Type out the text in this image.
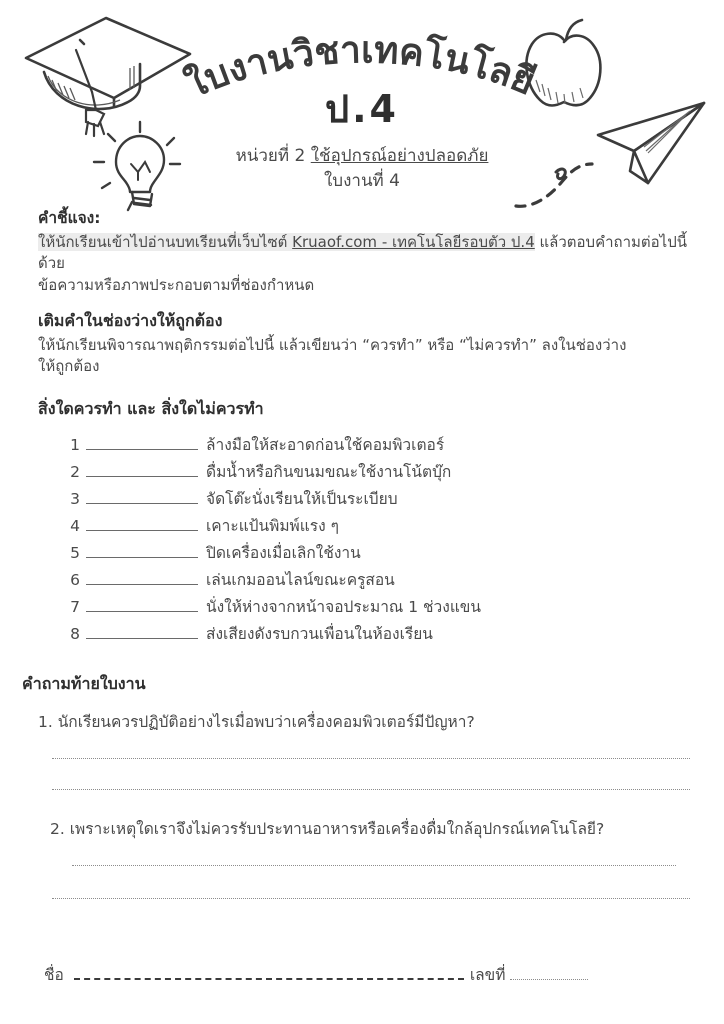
ใบงานวิชาเทคโนโลยี
ป.4
หน่วยที่ 2 ใช้อุปกรณ์อย่างปลอดภัย
ใบงานที่ 4

คำชี้แจง:

ให้นักเรียนเข้าไปอ่านบทเรียนที่เว็บไซต์ Kruaof.com - เทคโนโลยีรอบตัว ป.4 แล้วตอบคำถามต่อไปนี้ ด้วย
ข้อความหรือภาพประกอบตามที่ช่องกำหนด

เติมคำในช่องว่างให้ถูกต้อง

ให้นักเรียนพิจารณาพฤติกรรมต่อไปนี้ แล้วเขียนว่า “ควรทำ” หรือ “ไม่ควรทำ” ลงในช่องว่าง
ให้ถูกต้อง

สิ่งใดควรทำ และ สิ่งใดไม่ควรทำ

1	ล้างมือให้สะอาดก่อนใช้คอมพิวเตอร์
2	ดื่มน้ำหรือกินขนมขณะใช้งานโน้ตบุ๊ก
3	จัดโต๊ะนั่งเรียนให้เป็นระเบียบ
4	เคาะแป้นพิมพ์แรง ๆ
5	ปิดเครื่องเมื่อเลิกใช้งาน
6	เล่นเกมออนไลน์ขณะครูสอน
7	นั่งให้ห่างจากหน้าจอประมาณ 1 ช่วงแขน
8	ส่งเสียงดังรบกวนเพื่อนในห้องเรียน

คำถามท้ายใบงาน

1. นักเรียนควรปฏิบัติอย่างไรเมื่อพบว่าเครื่องคอมพิวเตอร์มีปัญหา?

2. เพราะเหตุใดเราจึงไม่ควรรับประทานอาหารหรือเครื่องดื่มใกล้อุปกรณ์เทคโนโลยี?

ชื่อ	เลขที่
